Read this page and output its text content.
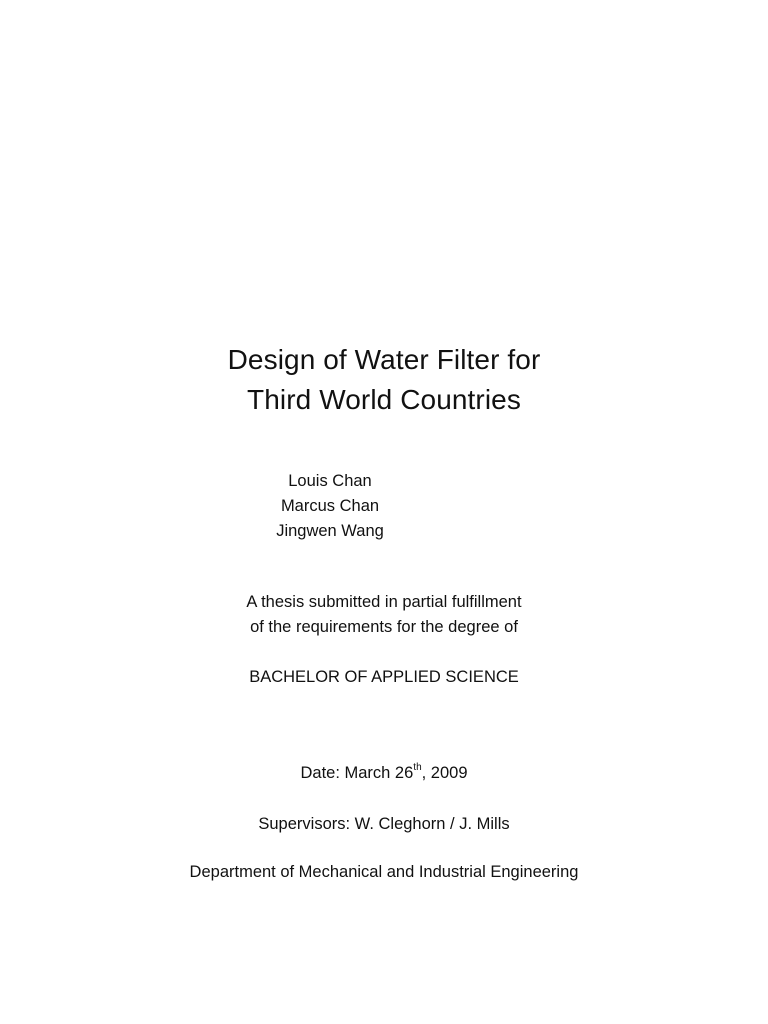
Design of Water Filter for
Third World Countries
Louis Chan
Marcus Chan
Jingwen Wang
A thesis submitted in partial fulfillment
of the requirements for the degree of
BACHELOR OF APPLIED SCIENCE
Date: March 26th, 2009
Supervisors: W. Cleghorn / J. Mills
Department of Mechanical and Industrial Engineering
